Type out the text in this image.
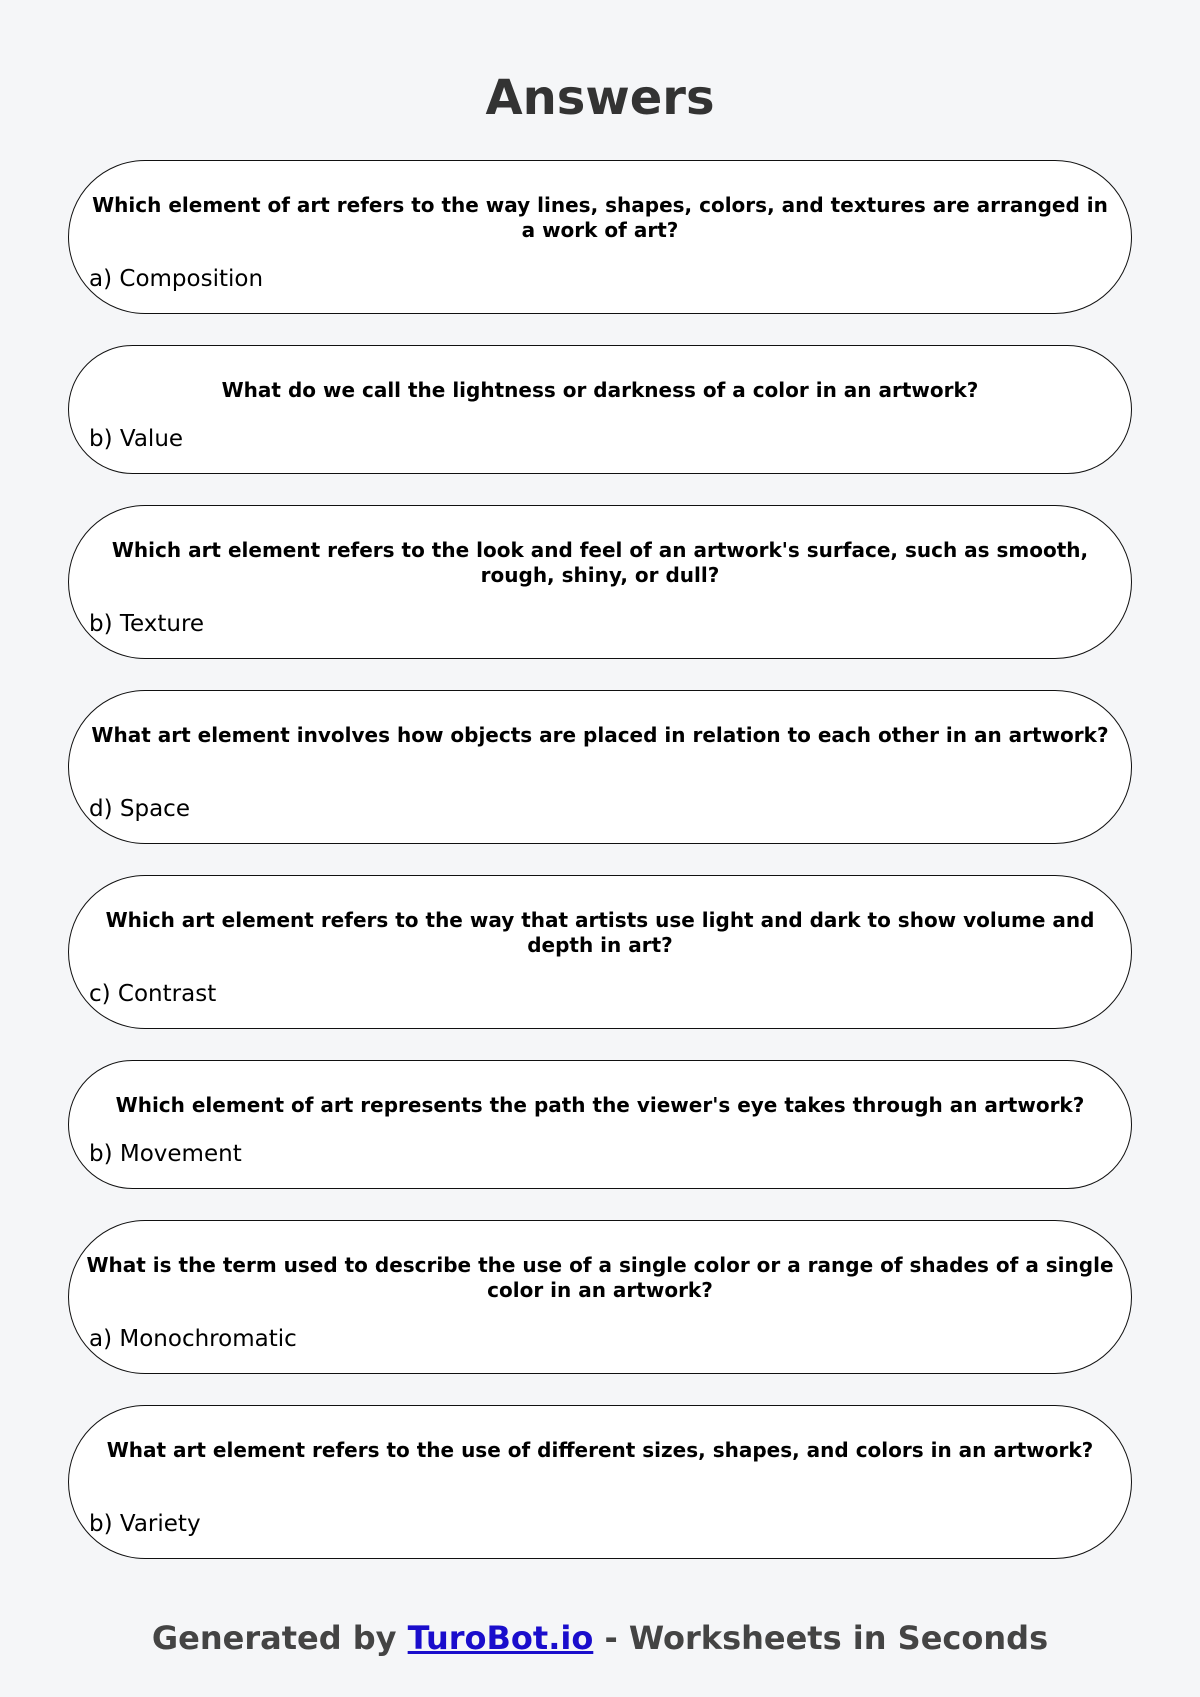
Answers
Which element of art refers to the way lines, shapes, colors, and textures are arranged in a work of art?
a) Composition
What do we call the lightness or darkness of a color in an artwork?
b) Value
Which art element refers to the look and feel of an artwork's surface, such as smooth, rough, shiny, or dull?
b) Texture
What art element involves how objects are placed in relation to each other in an artwork?
d) Space
Which art element refers to the way that artists use light and dark to show volume and depth in art?
c) Contrast
Which element of art represents the path the viewer's eye takes through an artwork?
b) Movement
What is the term used to describe the use of a single color or a range of shades of a single color in an artwork?
a) Monochromatic
What art element refers to the use of different sizes, shapes, and colors in an artwork?
b) Variety
Generated by TuroBot.io - Worksheets in Seconds
